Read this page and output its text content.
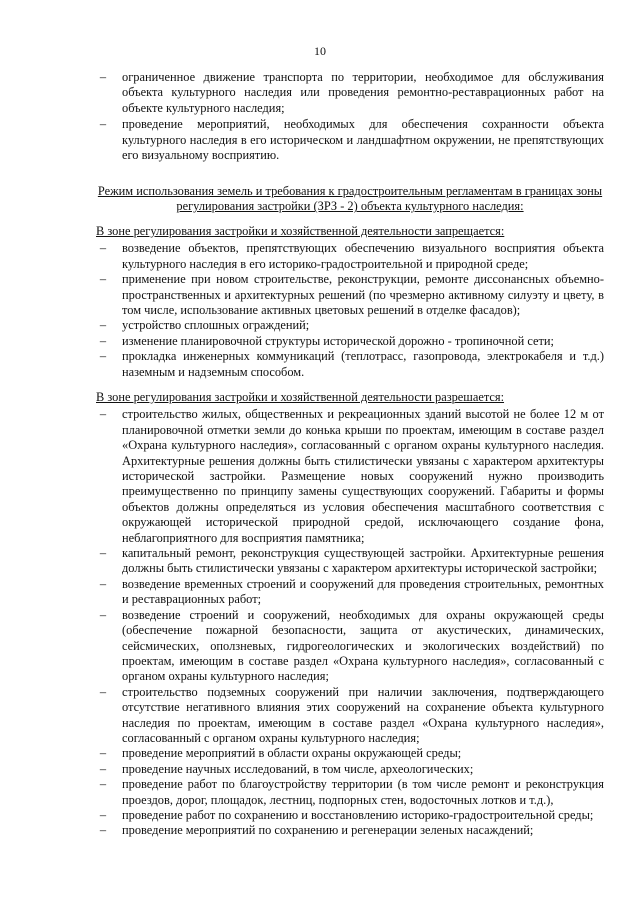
10
–	ограниченное движение транспорта по территории, необходимое для обслуживания объекта культурного наследия или проведения ремонтно-реставрационных работ на объекте культурного наследия;
–	проведение мероприятий, необходимых для обеспечения сохранности объекта культурного наследия в его историческом и ландшафтном окружении, не препятствующих его визуальному восприятию.
Режим использования земель и требования к градостроительным регламентам в границах зоны регулирования застройки (ЗРЗ - 2) объекта культурного наследия:
В зоне регулирования застройки и хозяйственной деятельности запрещается:
–	возведение объектов, препятствующих обеспечению визуального восприятия объекта культурного наследия в его историко-градостроительной и природной среде;
–	применение при новом строительстве, реконструкции, ремонте диссонансных объемно-пространственных и архитектурных решений (по чрезмерно активному силуэту и цвету, в том числе, использование активных цветовых решений в отделке фасадов);
–	устройство сплошных ограждений;
–	изменение планировочной структуры исторической дорожно - тропиночной сети;
–	прокладка инженерных коммуникаций (теплотрасс, газопровода, электрокабеля и т.д.) наземным и надземным способом.
В зоне регулирования застройки и хозяйственной деятельности разрешается:
–	строительство жилых, общественных и рекреационных зданий высотой не более 12 м от планировочной отметки земли до конька крыши по проектам, имеющим в составе раздел «Охрана культурного наследия», согласованный с органом охраны культурного наследия. Архитектурные решения должны быть стилистически увязаны с характером архитектуры исторической застройки. Размещение новых сооружений нужно производить преимущественно по принципу замены существующих сооружений. Габариты и формы объектов должны определяться из условия обеспечения масштабного соответствия с окружающей исторической природной средой, исключающего создание фона, неблагоприятного для восприятия памятника;
–	капитальный ремонт, реконструкция существующей застройки. Архитектурные решения должны быть стилистически увязаны с характером архитектуры исторической застройки;
–	возведение временных строений и сооружений для проведения строительных, ремонтных и реставрационных работ;
–	возведение строений и сооружений, необходимых для охраны окружающей среды (обеспечение пожарной безопасности, защита от акустических, динамических, сейсмических, оползневых, гидрогеологических и экологических воздействий) по проектам, имеющим в составе раздел «Охрана культурного наследия», согласованный с органом охраны культурного наследия;
–	строительство подземных сооружений при наличии заключения, подтверждающего отсутствие негативного влияния этих сооружений на сохранение объекта культурного наследия по проектам, имеющим в составе раздел «Охрана культурного наследия», согласованный с органом охраны культурного наследия;
–	проведение мероприятий в области охраны окружающей среды;
–	проведение научных исследований, в том числе, археологических;
–	проведение работ по благоустройству территории (в том числе ремонт и реконструкция проездов, дорог, площадок, лестниц, подпорных стен, водосточных лотков и т.д.),
–	проведение работ по сохранению и восстановлению историко-градостроительной среды;
–	проведение мероприятий по сохранению и регенерации зеленых насаждений;
